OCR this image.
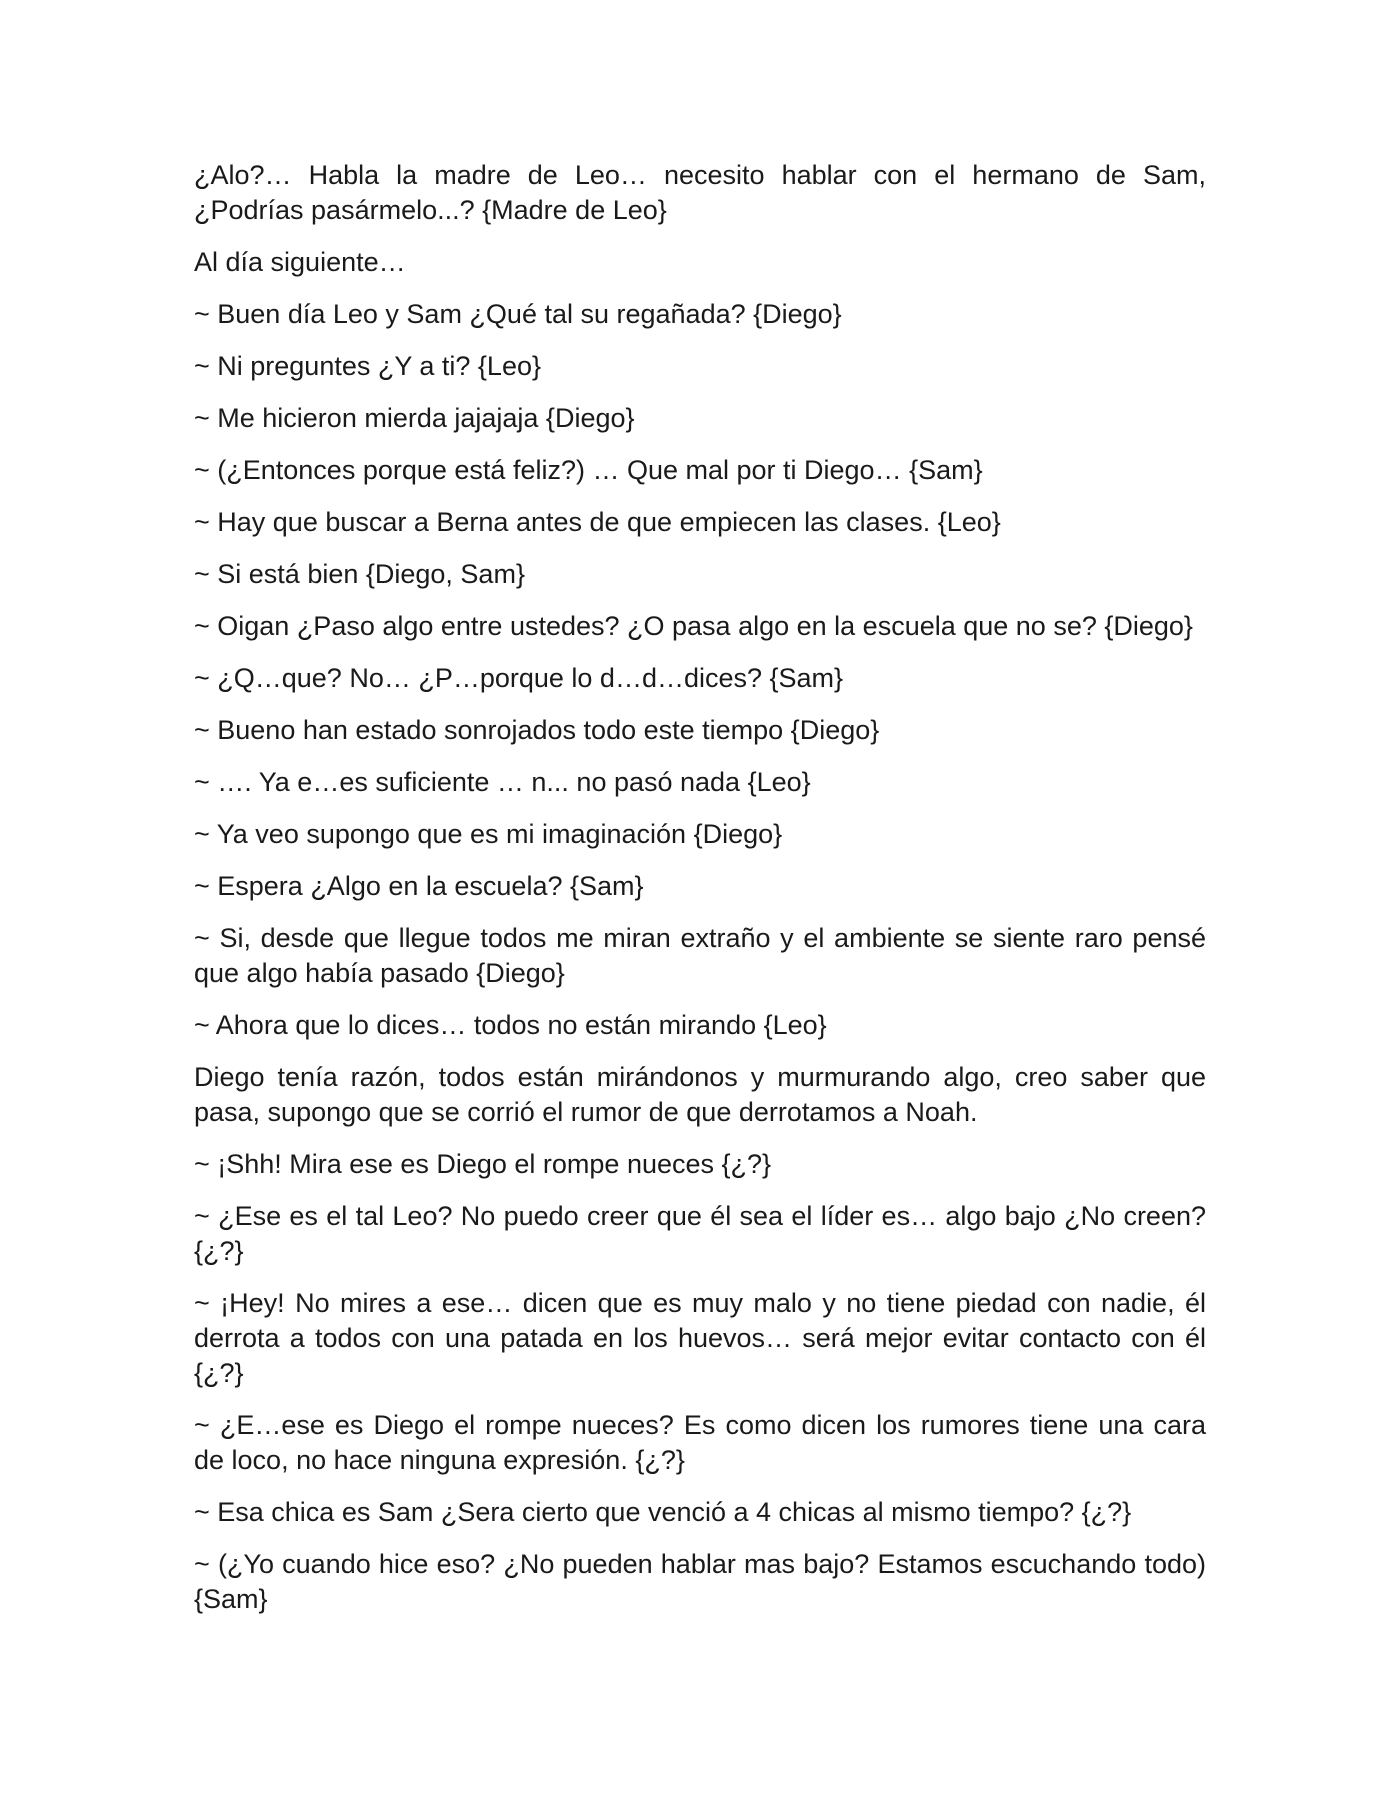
¿Alo?… Habla la madre de Leo… necesito hablar con el hermano de Sam, ¿Podrías pasármelo...? {Madre de Leo}

Al día siguiente…

~ Buen día Leo y Sam ¿Qué tal su regañada? {Diego}

~ Ni preguntes ¿Y a ti? {Leo}

~ Me hicieron mierda jajajaja {Diego}

~ (¿Entonces porque está feliz?) … Que mal por ti Diego… {Sam}

~ Hay que buscar a Berna antes de que empiecen las clases. {Leo}

~ Si está bien {Diego, Sam}

~ Oigan ¿Paso algo entre ustedes? ¿O pasa algo en la escuela que no se? {Diego}

~ ¿Q…que? No… ¿P…porque lo d…d…dices? {Sam}

~ Bueno han estado sonrojados todo este tiempo {Diego}

~ …. Ya e…es suficiente … n... no pasó nada {Leo}

~ Ya veo supongo que es mi imaginación {Diego}

~ Espera ¿Algo en la escuela? {Sam}

~ Si, desde que llegue todos me miran extraño y el ambiente se siente raro pensé que algo había pasado {Diego}

~ Ahora que lo dices… todos no están mirando {Leo}

Diego tenía razón, todos están mirándonos y murmurando algo, creo saber que pasa, supongo que se corrió el rumor de que derrotamos a Noah.

~ ¡Shh! Mira ese es Diego el rompe nueces {¿?}

~ ¿Ese es el tal Leo? No puedo creer que él sea el líder es… algo bajo ¿No creen? {¿?}

~ ¡Hey! No mires a ese… dicen que es muy malo y no tiene piedad con nadie, él derrota a todos con una patada en los huevos… será mejor evitar contacto con él {¿?}

~ ¿E…ese es Diego el rompe nueces? Es como dicen los rumores tiene una cara de loco, no hace ninguna expresión. {¿?}

~ Esa chica es Sam ¿Sera cierto que venció a 4 chicas al mismo tiempo? {¿?}

~ (¿Yo cuando hice eso? ¿No pueden hablar mas bajo? Estamos escuchando todo) {Sam}
